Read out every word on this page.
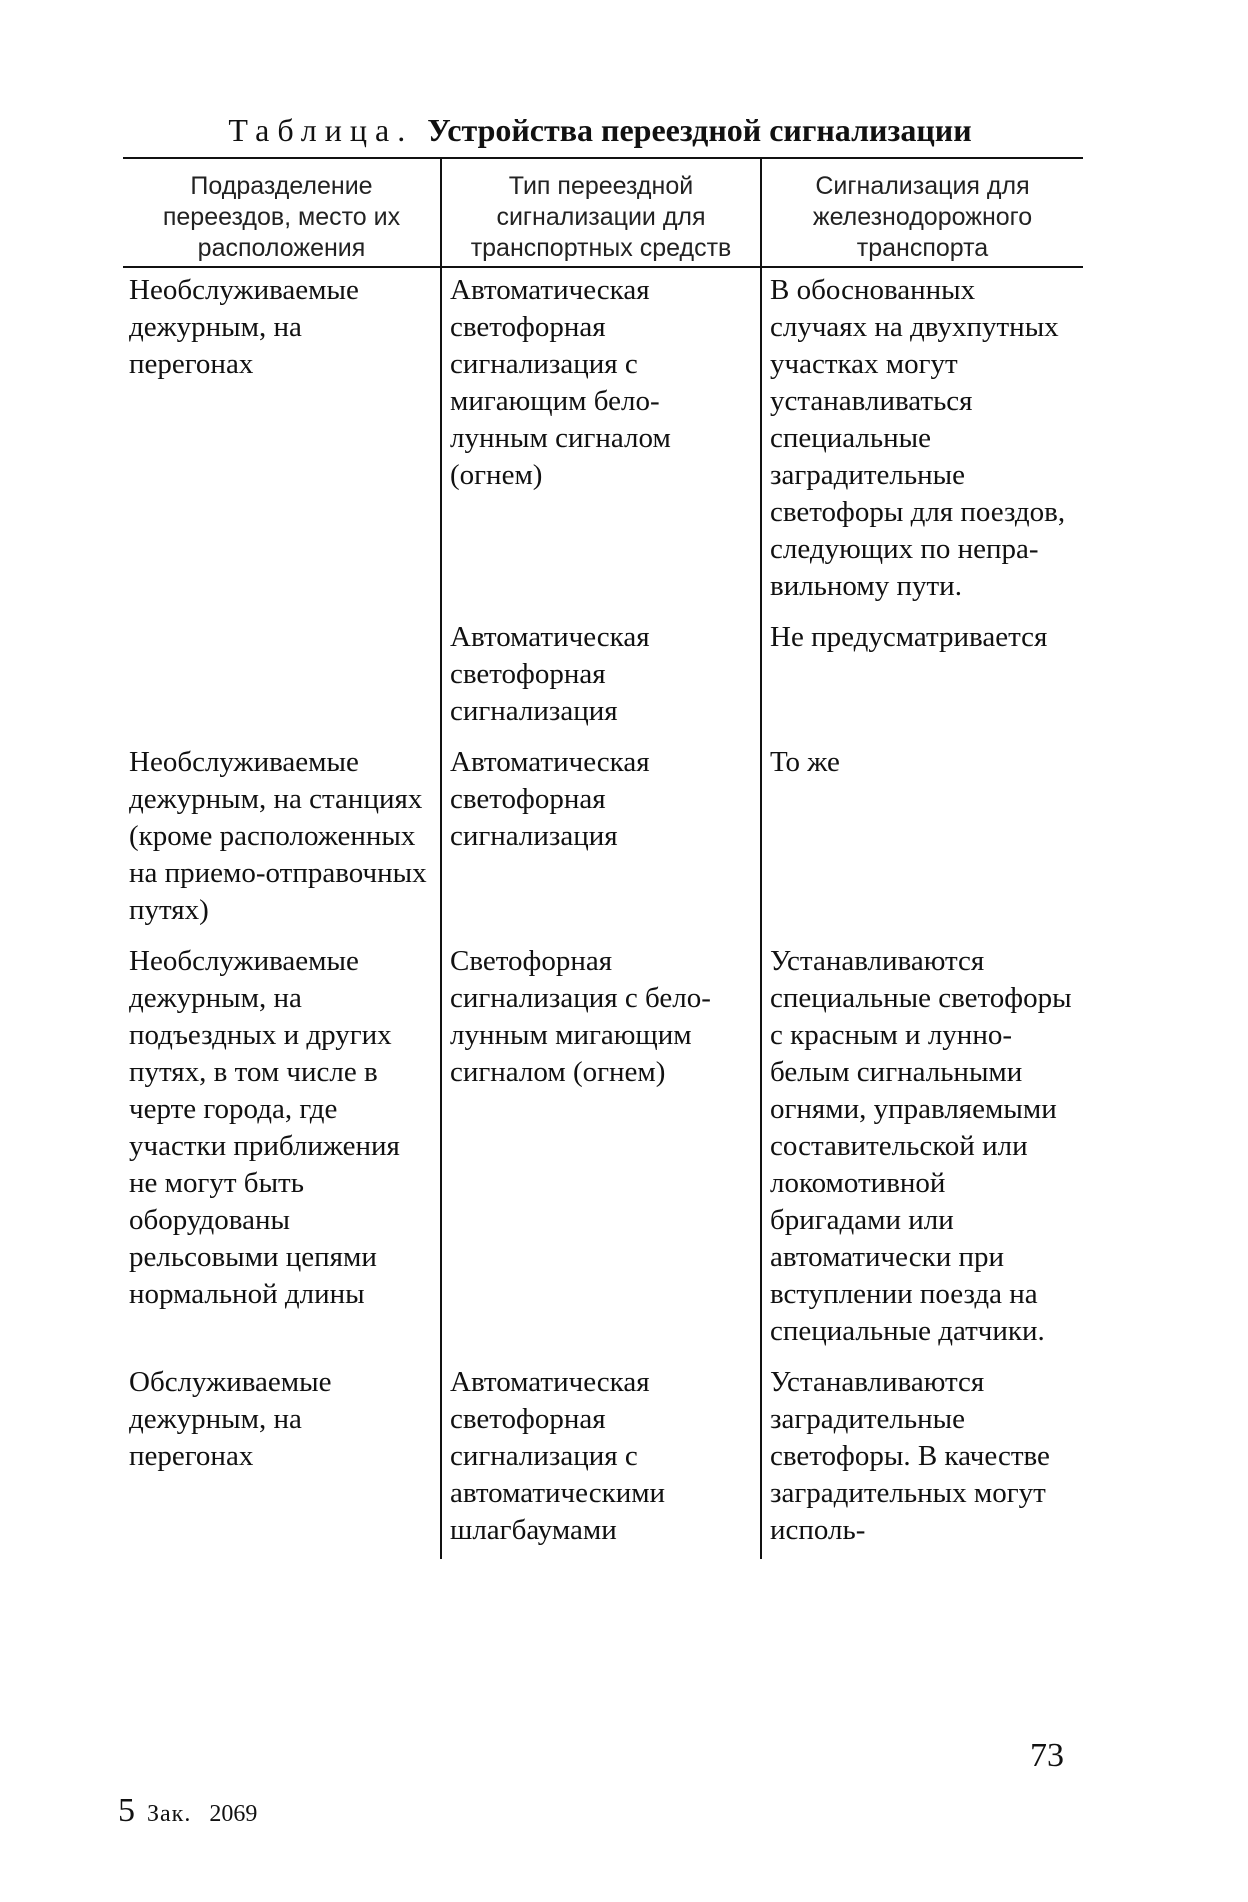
Таблица. Устройства переездной сигнализации
Подразделение переездов, место их расположения	Тип переездной сигнализации для транспортных средств	Сигнализация для железнодорожного транспорта
Необслуживаемые дежурным, на перегонах	Автоматическая светофорная сигнализация с мигающим бело-лунным сигналом (огнем)	В обоснованных случаях на двухпутных участках могут устанавливаться специальные заградительные светофоры для поездов, следующих по непра-вильному пути.
	Автоматическая светофорная сигнализация	Не предусматривается
Необслуживаемые дежурным, на станциях (кроме расположенных на приемо-отправочных путях)	Автоматическая светофорная сигнализация	То же
Необслуживаемые дежурным, на подъездных и других путях, в том числе в черте города, где участки приближения не могут быть оборудованы рельсовыми цепями нормальной длины	Светофорная сигнализация с бело-лунным мигающим сигналом (огнем)	Устанавливаются специальные светофоры с красным и лунно-белым сигнальными огнями, управляемыми составительской или локомотивной бригадами или автоматически при вступлении поезда на специальные датчики.
Обслуживаемые дежурным, на перегонах	Автоматическая светофорная сигнализация с автоматическими шлагбаумами	Устанавливаются заградительные светофоры. В качестве заградительных могут исполь-
73
5 Зак. 2069
